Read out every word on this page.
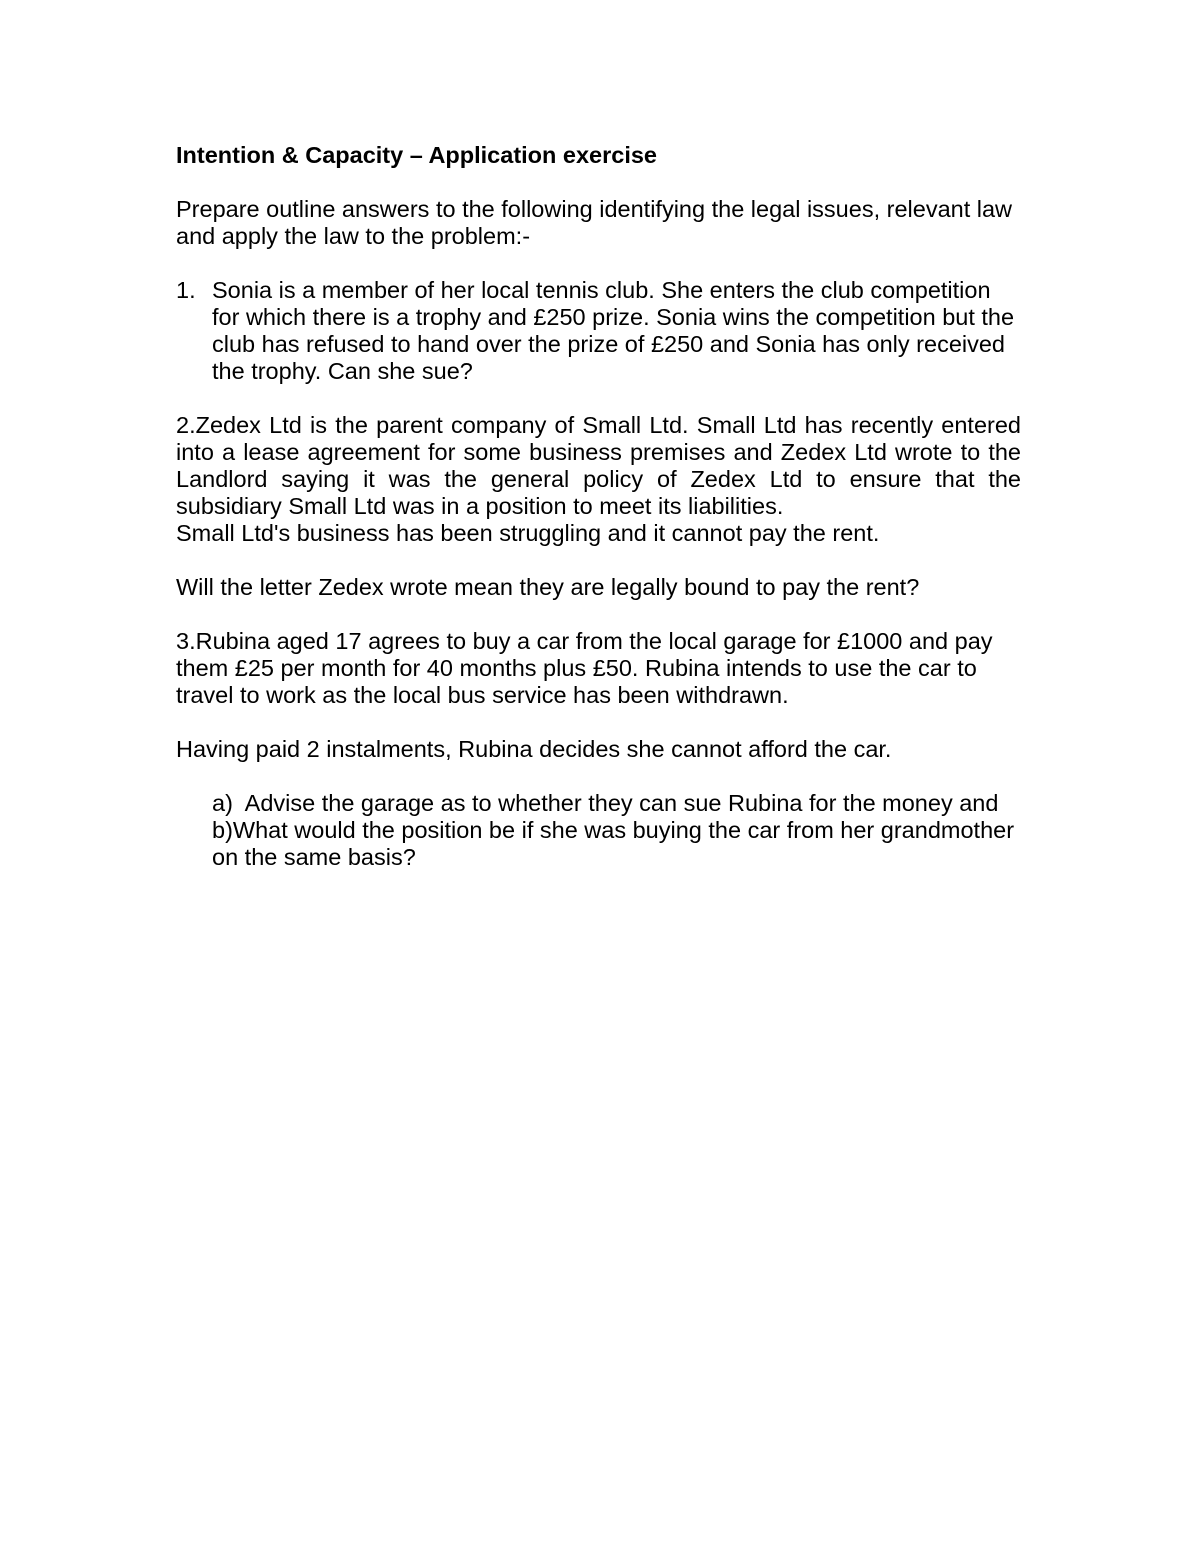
Intention & Capacity – Application exercise
Prepare outline answers to the following identifying the legal issues, relevant law
and apply the law to the problem:-
1. Sonia is a member of her local tennis club. She enters the club competition
for which there is a trophy and £250 prize. Sonia wins the competition but the
club has refused to hand over the prize of £250 and Sonia has only received
the trophy. Can she sue?
2.Zedex Ltd is the parent company of Small Ltd. Small Ltd has recently entered
into a lease agreement for some business premises and Zedex Ltd wrote to the
Landlord saying it was the general policy of Zedex Ltd to ensure that the
subsidiary Small Ltd was in a position to meet its liabilities.
Small Ltd's business has been struggling and it cannot pay the rent.
Will the letter Zedex wrote mean they are legally bound to pay the rent?
3.Rubina aged 17 agrees to buy a car from the local garage for £1000 and pay
them £25 per month for 40 months plus £50. Rubina intends to use the car to
travel to work as the local bus service has been withdrawn.
Having paid 2 instalments, Rubina decides she cannot afford the car.
a)  Advise the garage as to whether they can sue Rubina for the money and
b)What would the position be if she was buying the car from her grandmother
on the same basis?
